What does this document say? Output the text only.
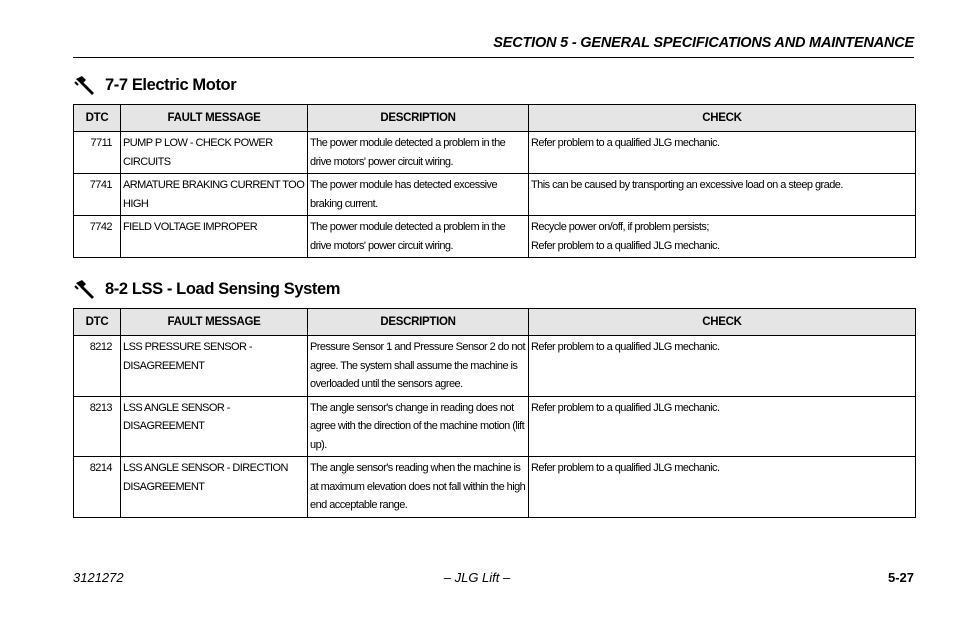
SECTION 5 - GENERAL SPECIFICATIONS AND MAINTENANCE
7-7 Electric Motor
DTC	FAULT MESSAGE	DESCRIPTION	CHECK
7711	PUMP P LOW - CHECK POWER CIRCUITS	The power module detected a problem in the drive motors' power circuit wiring.	Refer problem to a qualified JLG mechanic.

7741	ARMATURE BRAKING CURRENT TOO HIGH	The power module has detected excessive braking current.	This can be caused by transporting an excessive load on a steep grade.

7742	FIELD VOLTAGE IMPROPER	The power module detected a problem in the drive motors' power circuit wiring.	Recycle power on/off, if problem persists;
Refer problem to a qualified JLG mechanic.
8-2 LSS - Load Sensing System
DTC	FAULT MESSAGE	DESCRIPTION	CHECK
8212	LSS PRESSURE SENSOR - DISAGREEMENT	Pressure Sensor 1 and Pressure Sensor 2 do not agree. The system shall assume the machine is overloaded until the sensors agree.	Refer problem to a qualified JLG mechanic.

8213	LSS ANGLE SENSOR - DISAGREEMENT	The angle sensor's change in reading does not agree with the direction of the machine motion (lift up).	Refer problem to a qualified JLG mechanic.

8214	LSS ANGLE SENSOR - DIRECTION DISAGREEMENT	The angle sensor's reading when the machine is at maximum elevation does not fall within the high end acceptable range.	Refer problem to a qualified JLG mechanic.
3121272	– JLG Lift –	5-27
